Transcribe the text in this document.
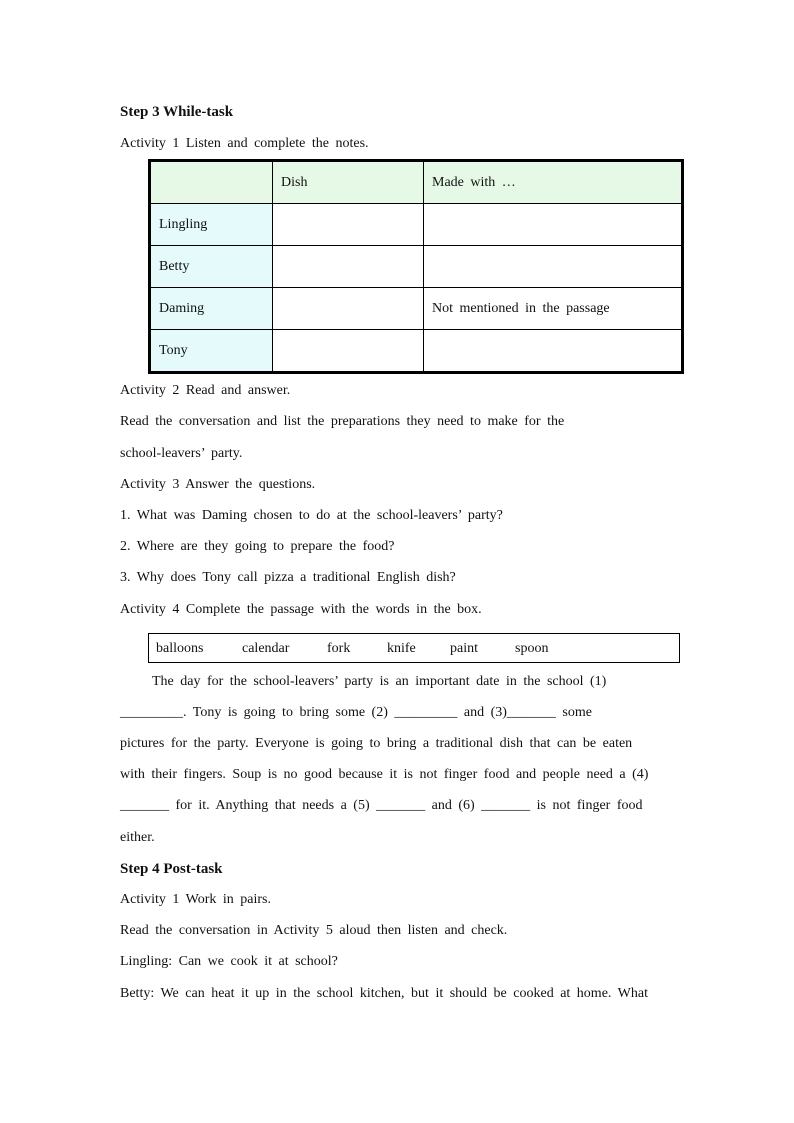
Step 3 While-task
Activity 1 Listen and complete the notes.
	Dish	Made with …
Lingling		
Betty		
Daming		Not mentioned in the passage
Tony		
Activity 2 Read and answer.
Read the conversation and list the preparations they need to make for the
school-leavers’ party.
Activity 3 Answer the questions.
1. What was Daming chosen to do at the school-leavers’ party?
2. Where are they going to prepare the food?
3. Why does Tony call pizza a traditional English dish?
Activity 4 Complete the passage with the words in the box.
balloons	calendar	fork	knife paint	spoon
The day for the school-leavers’ party is an important date in the school (1)
_________. Tony is going to bring some (2) _________ and (3)_______ some
pictures for the party. Everyone is going to bring a traditional dish that can be eaten
with their fingers. Soup is no good because it is not finger food and people need a (4)
_______ for it. Anything that needs a (5) _______ and (6) _______ is not finger food
either.
Step 4 Post-task
Activity 1 Work in pairs.
Read the conversation in Activity 5 aloud then listen and check.
Lingling: Can we cook it at school?
Betty: We can heat it up in the school kitchen, but it should be cooked at home. What
